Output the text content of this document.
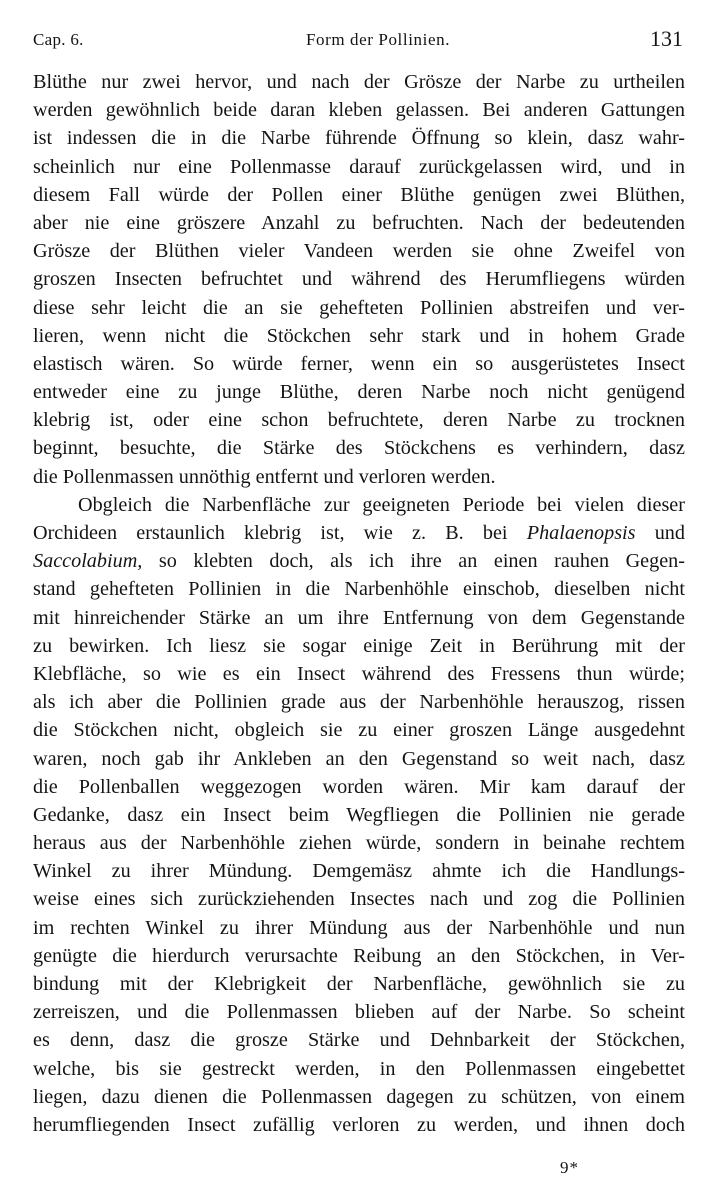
Cap. 6.	Form der Pollinien.	131
Blüthe nur zwei hervor, und nach der Grösze der Narbe zu urtheilen
werden gewöhnlich beide daran kleben gelassen. Bei anderen Gattungen
ist indessen die in die Narbe führende Öffnung so klein, dasz wahr-
scheinlich nur eine Pollenmasse darauf zurückgelassen wird, und in
diesem Fall würde der Pollen einer Blüthe genügen zwei Blüthen,
aber nie eine gröszere Anzahl zu befruchten. Nach der bedeutenden
Grösze der Blüthen vieler Vandeen werden sie ohne Zweifel von
groszen Insecten befruchtet und während des Herumfliegens würden
diese sehr leicht die an sie gehefteten Pollinien abstreifen und ver-
lieren, wenn nicht die Stöckchen sehr stark und in hohem Grade
elastisch wären. So würde ferner, wenn ein so ausgerüstetes Insect
entweder eine zu junge Blüthe, deren Narbe noch nicht genügend
klebrig ist, oder eine schon befruchtete, deren Narbe zu trocknen
beginnt, besuchte, die Stärke des Stöckchens es verhindern, dasz
die Pollenmassen unnöthig entfernt und verloren werden.
Obgleich die Narbenfläche zur geeigneten Periode bei vielen dieser
Orchideen erstaunlich klebrig ist, wie z. B. bei Phalaenopsis und
Saccolabium, so klebten doch, als ich ihre an einen rauhen Gegen-
stand gehefteten Pollinien in die Narbenhöhle einschob, dieselben nicht
mit hinreichender Stärke an um ihre Entfernung von dem Gegenstande
zu bewirken. Ich liesz sie sogar einige Zeit in Berührung mit der
Klebfläche, so wie es ein Insect während des Fressens thun würde;
als ich aber die Pollinien grade aus der Narbenhöhle herauszog, rissen
die Stöckchen nicht, obgleich sie zu einer groszen Länge ausgedehnt
waren, noch gab ihr Ankleben an den Gegenstand so weit nach, dasz
die Pollenballen weggezogen worden wären. Mir kam darauf der
Gedanke, dasz ein Insect beim Wegfliegen die Pollinien nie gerade
heraus aus der Narbenhöhle ziehen würde, sondern in beinahe rechtem
Winkel zu ihrer Mündung. Demgemäsz ahmte ich die Handlungs-
weise eines sich zurückziehenden Insectes nach und zog die Pollinien
im rechten Winkel zu ihrer Mündung aus der Narbenhöhle und nun
genügte die hierdurch verursachte Reibung an den Stöckchen, in Ver-
bindung mit der Klebrigkeit der Narbenfläche, gewöhnlich sie zu
zerreiszen, und die Pollenmassen blieben auf der Narbe. So scheint
es denn, dasz die grosze Stärke und Dehnbarkeit der Stöckchen,
welche, bis sie gestreckt werden, in den Pollenmassen eingebettet
liegen, dazu dienen die Pollenmassen dagegen zu schützen, von einem
herumfliegenden Insect zufällig verloren zu werden, und ihnen doch
9*
